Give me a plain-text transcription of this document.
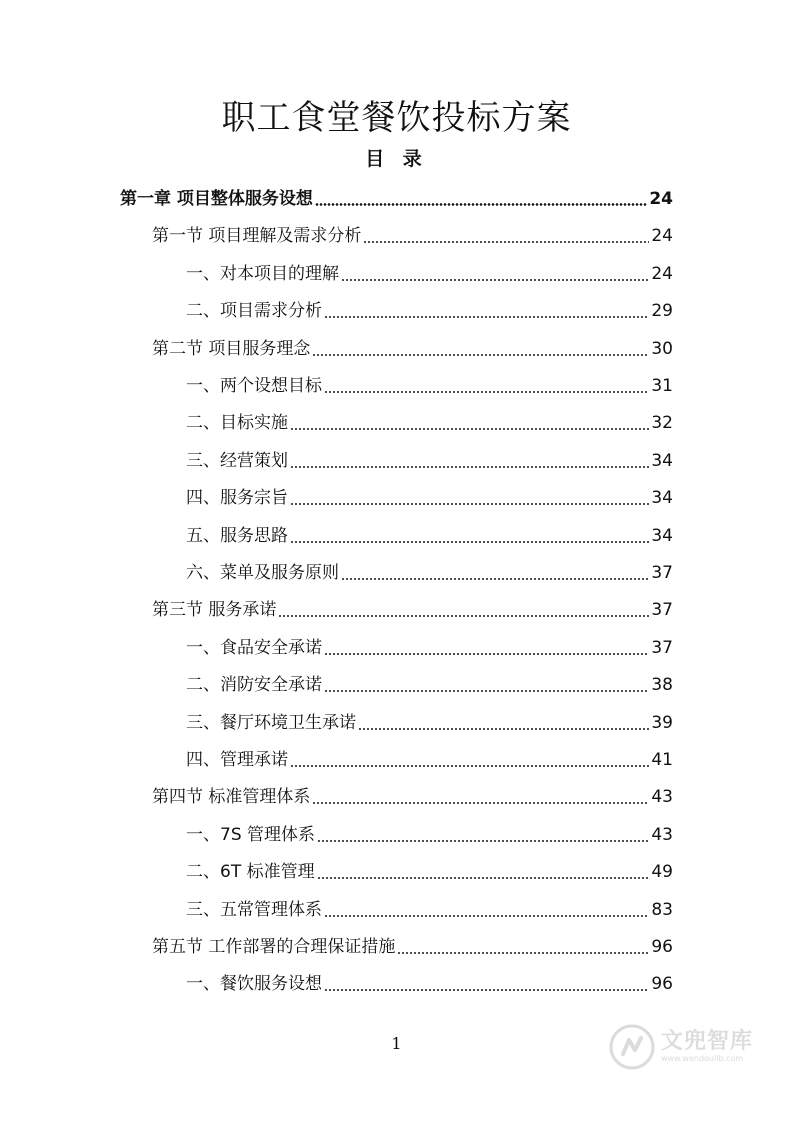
职工食堂餐饮投标方案
目 录
第一章 项目整体服务设想	24
第一节 项目理解及需求分析	24
一、对本项目的理解	24
二、项目需求分析	29
第二节 项目服务理念	30
一、两个设想目标	31
二、目标实施	32
三、经营策划	34
四、服务宗旨	34
五、服务思路	34
六、菜单及服务原则	37
第三节 服务承诺	37
一、食品安全承诺	37
二、消防安全承诺	38
三、餐厅环境卫生承诺	39
四、管理承诺	41
第四节 标准管理体系	43
一、7S 管理体系	43
二、6T 标准管理	49
三、五常管理体系	83
第五节 工作部署的合理保证措施	96
一、餐饮服务设想	96
1	文兜智库
www.wendoulib.com
